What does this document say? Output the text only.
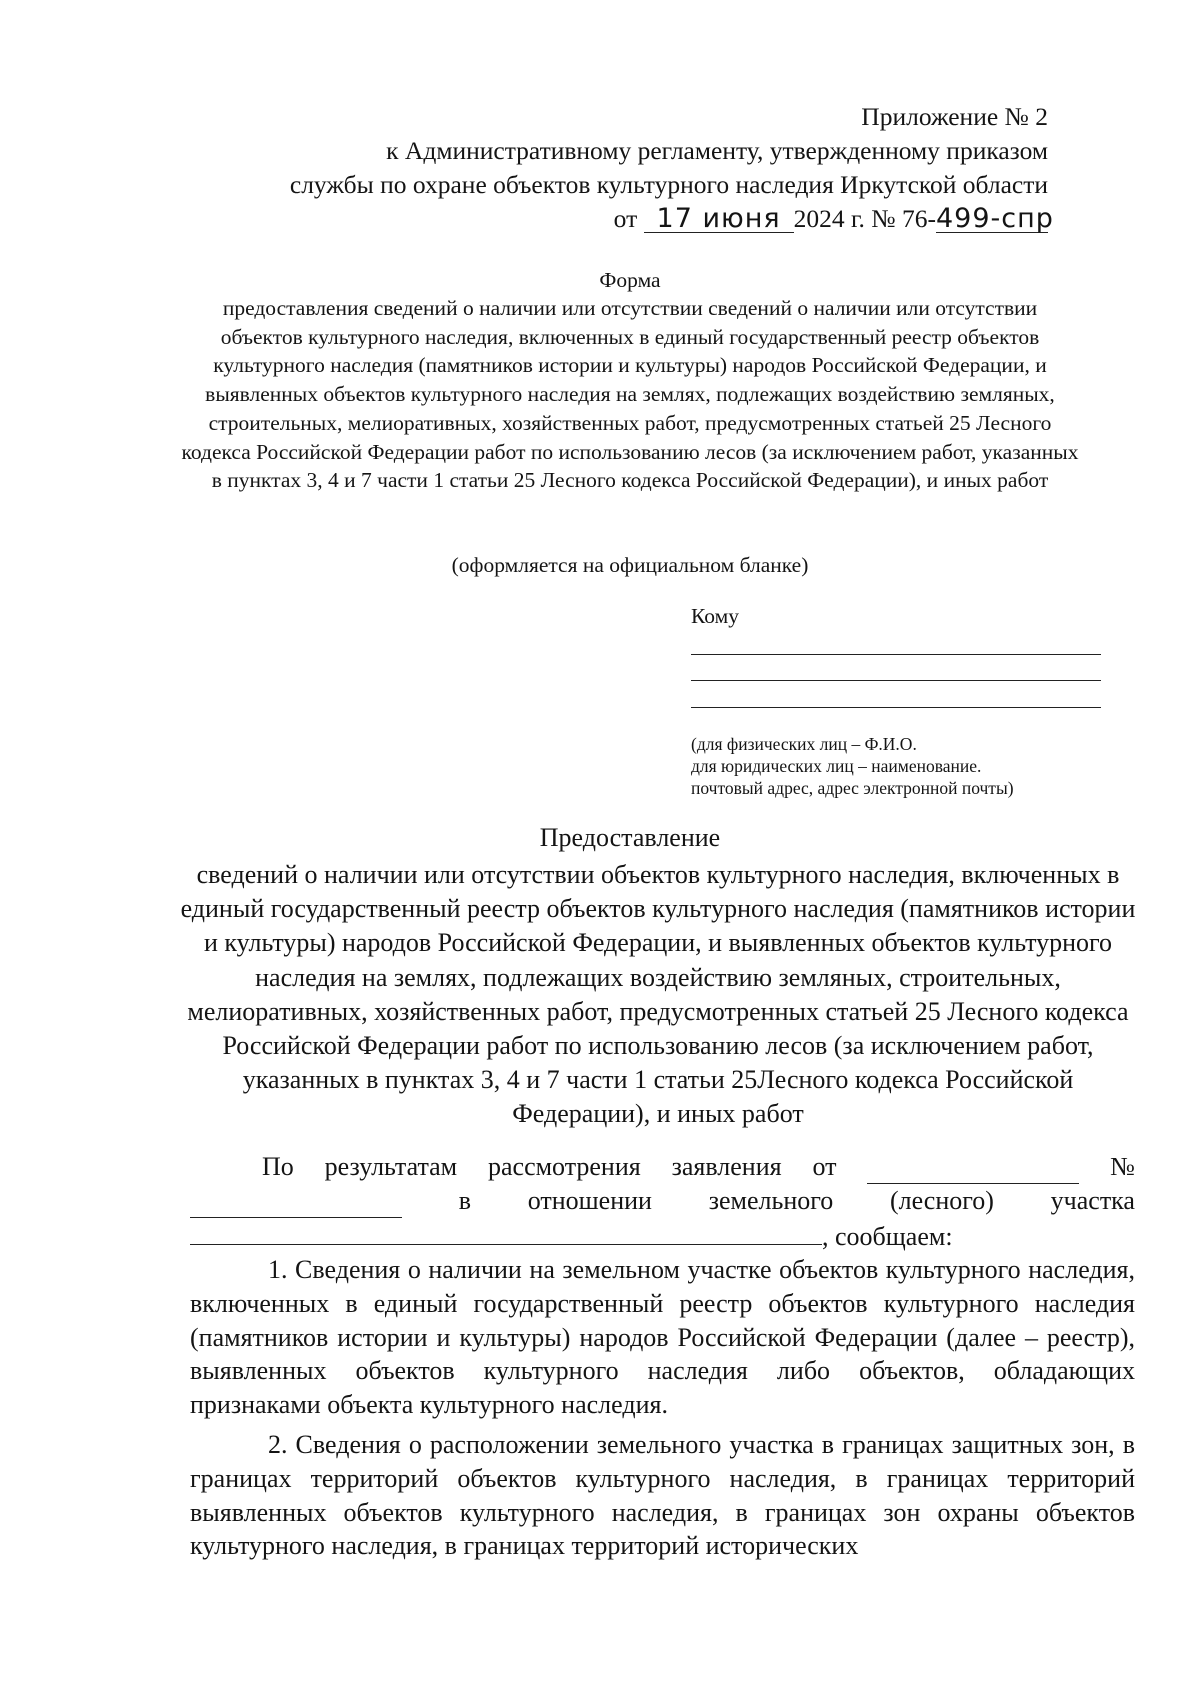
Приложение № 2
к Административному регламенту, утвержденному приказом
службы по охране объектов культурного наследия Иркутской области
от 17 июня 2024 г. № 76-499-спр
Форма
предоставления сведений о наличии или отсутствии сведений о наличии или отсутствии объектов культурного наследия, включенных в единый государственный реестр объектов культурного наследия (памятников истории и культуры) народов Российской Федерации, и выявленных объектов культурного наследия на землях, подлежащих воздействию земляных, строительных, мелиоративных, хозяйственных работ, предусмотренных статьей 25 Лесного кодекса Российской Федерации работ по использованию лесов (за исключением работ, указанных в пунктах 3, 4 и 7 части 1 статьи 25 Лесного кодекса Российской Федерации), и иных работ
(оформляется на официальном бланке)
Кому
(для физических лиц – Ф.И.О.
для юридических лиц – наименование.
почтовый адрес, адрес электронной почты)
Предоставление
сведений о наличии или отсутствии объектов культурного наследия, включенных в единый государственный реестр объектов культурного наследия (памятников истории и культуры) народов Российской Федерации, и выявленных объектов культурного наследия на землях, подлежащих воздействию земляных, строительных, мелиоративных, хозяйственных работ, предусмотренных статьей 25 Лесного кодекса Российской Федерации работ по использованию лесов (за исключением работ, указанных в пунктах 3, 4 и 7 части 1 статьи 25Лесного кодекса Российской Федерации), и иных работ
По результатам рассмотрения заявления от	№
в отношении земельного (лесного) участка
, сообщаем:
1. Сведения о наличии на земельном участке объектов культурного наследия, включенных в единый государственный реестр объектов культурного наследия (памятников истории и культуры) народов Российской Федерации (далее – реестр), выявленных объектов культурного наследия либо объектов, обладающих признаками объекта культурного наследия.
2. Сведения о расположении земельного участка в границах защитных зон, в границах территорий объектов культурного наследия, в границах территорий выявленных объектов культурного наследия, в границах зон охраны объектов культурного наследия, в границах территорий исторических
